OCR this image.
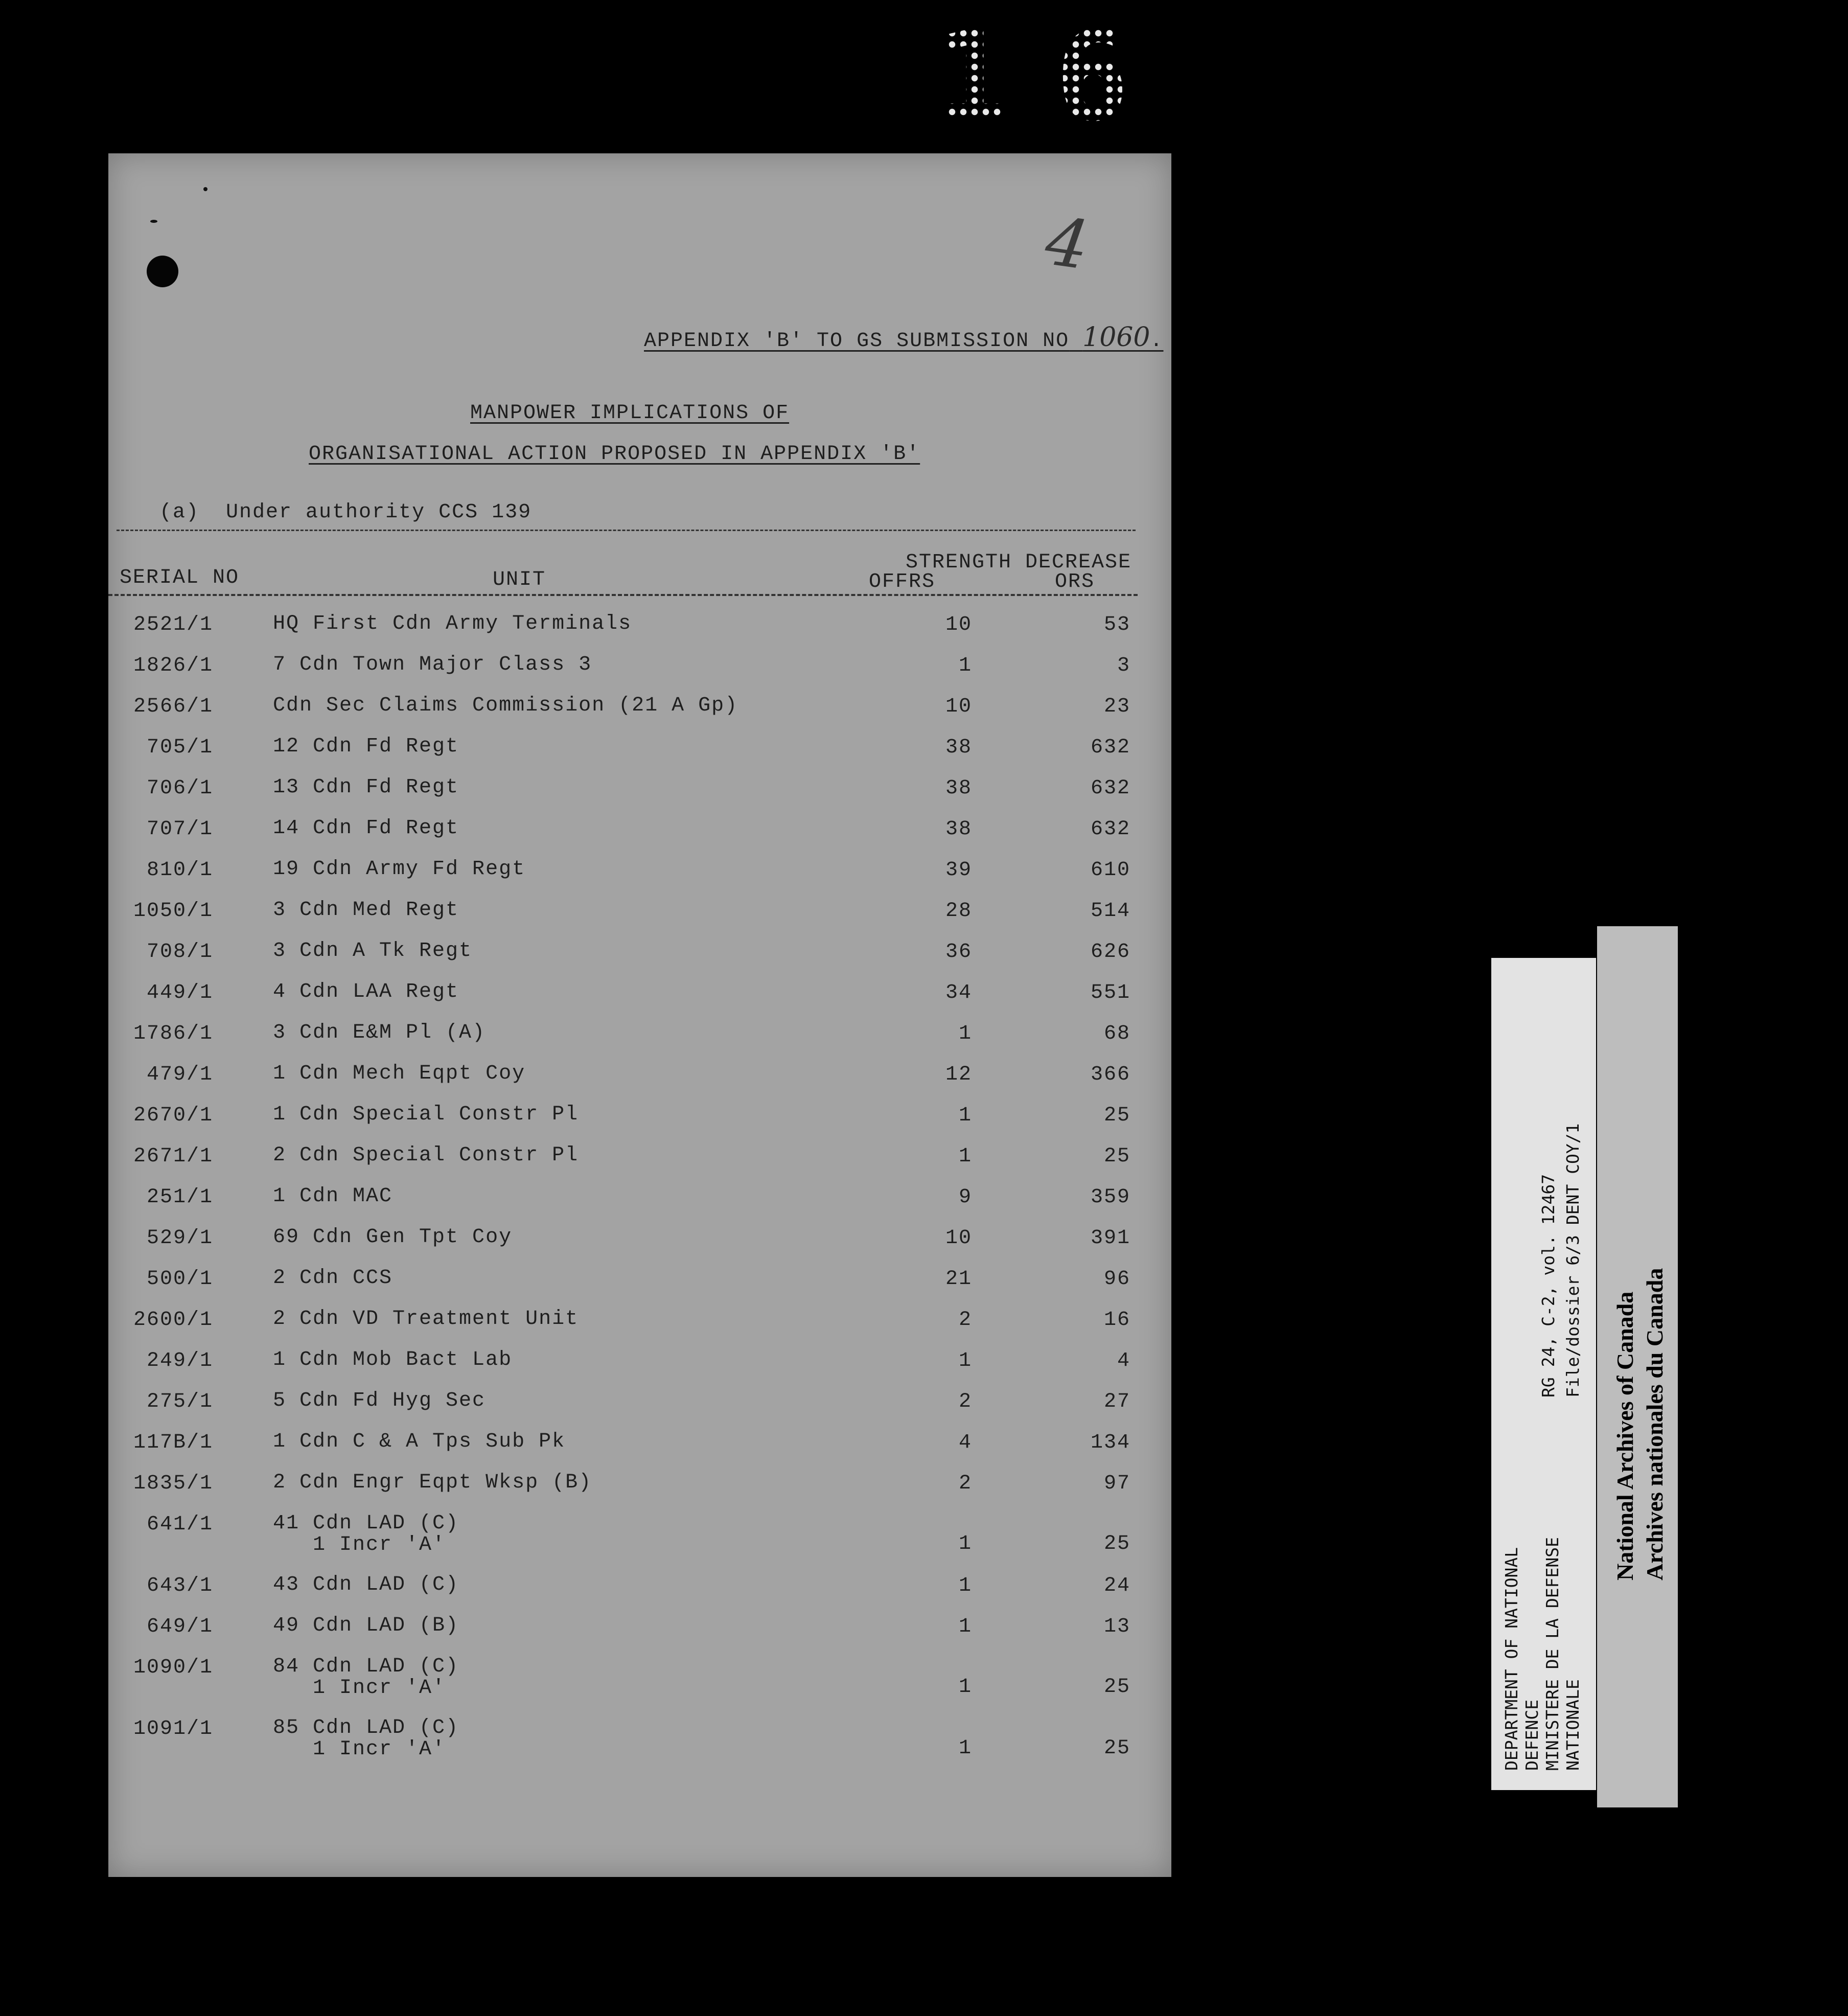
16
4
APPENDIX 'B' TO GS SUBMISSION NO 1060.
MANPOWER IMPLICATIONS OF
ORGANISATIONAL ACTION PROPOSED IN APPENDIX 'B'
(a)  Under authority CCS 139
STRENGTH DECREASE
SERIAL NO	UNIT	OFFRS	ORS
2521/1	HQ First Cdn Army Terminals	10	53
1826/1	7 Cdn Town Major Class 3	1	3
2566/1	Cdn Sec Claims Commission (21 A Gp)	10	23
705/1	12 Cdn Fd Regt	38	632
706/1	13 Cdn Fd Regt	38	632
707/1	14 Cdn Fd Regt	38	632
810/1	19 Cdn Army Fd Regt	39	610
1050/1	3 Cdn Med Regt	28	514
708/1	3 Cdn A Tk Regt	36	626
449/1	4 Cdn LAA Regt	34	551
1786/1	3 Cdn E&M Pl (A)	1	68
479/1	1 Cdn Mech Eqpt Coy	12	366
2670/1	1 Cdn Special Constr Pl	1	25
2671/1	2 Cdn Special Constr Pl	1	25
251/1	1 Cdn MAC	9	359
529/1	69 Cdn Gen Tpt Coy	10	391
500/1	2 Cdn CCS	21	96
2600/1	2 Cdn VD Treatment Unit	2	16
249/1	1 Cdn Mob Bact Lab	1	4
275/1	5 Cdn Fd Hyg Sec	2	27
117B/1	1 Cdn C & A Tps Sub Pk	4	134
1835/1	2 Cdn Engr Eqpt Wksp (B)	2	97
641/1	41 Cdn LAD (C)
1 Incr 'A'	1	25
643/1	43 Cdn LAD (C)	1	24
649/1	49 Cdn LAD (B)	1	13
1090/1	84 Cdn LAD (C)
1 Incr 'A'	1	25
1091/1	85 Cdn LAD (C)
1 Incr 'A'	1	25	DEPARTMENT OF NATIONAL
DEFENCE
MINISTERE DE LA DEFENSE
NATIONALE
RG 24, C-2, vol. 12467 File/dossier 6/3 DENT COY/1
National Archives of Canada Archives nationales du Canada
